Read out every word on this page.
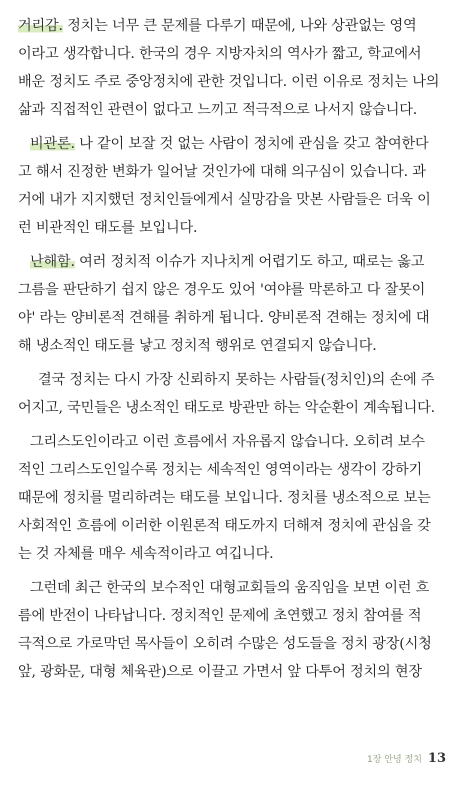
거리감. 정치는 너무 큰 문제를 다루기 때문에, 나와 상관없는 영역
이라고 생각합니다. 한국의 경우 지방자치의 역사가 짧고, 학교에서
배운 정치도 주로 중앙정치에 관한 것입니다. 이런 이유로 정치는 나의
삶과 직접적인 관련이 없다고 느끼고 적극적으로 나서지 않습니다.
비관론. 나 같이 보잘 것 없는 사람이 정치에 관심을 갖고 참여한다
고 해서 진정한 변화가 일어날 것인가에 대해 의구심이 있습니다. 과
거에 내가 지지했던 정치인들에게서 실망감을 맛본 사람들은 더욱 이
런 비관적인 태도를 보입니다.
난해함. 여러 정치적 이슈가 지나치게 어렵기도 하고, 때로는 옳고
그름을 판단하기 쉽지 않은 경우도 있어 '여야를 막론하고 다 잘못이
야' 라는 양비론적 견해를 취하게 됩니다. 양비론적 견해는 정치에 대
해 냉소적인 태도를 낳고 정치적 행위로 연결되지 않습니다.
결국 정치는 다시 가장 신뢰하지 못하는 사람들(정치인)의 손에 주
어지고, 국민들은 냉소적인 태도로 방관만 하는 악순환이 계속됩니다.
그리스도인이라고 이런 흐름에서 자유롭지 않습니다. 오히려 보수
적인 그리스도인일수록 정치는 세속적인 영역이라는 생각이 강하기
때문에 정치를 멀리하려는 태도를 보입니다. 정치를 냉소적으로 보는
사회적인 흐름에 이러한 이원론적 태도까지 더해져 정치에 관심을 갖
는 것 자체를 매우 세속적이라고 여깁니다.
그런데 최근 한국의 보수적인 대형교회들의 움직임을 보면 이런 흐
름에 반전이 나타납니다. 정치적인 문제에 초연했고 정치 참여를 적
극적으로 가로막던 목사들이 오히려 수많은 성도들을 정치 광장(시청
앞, 광화문, 대형 체육관)으로 이끌고 가면서 앞 다투어 정치의 현장
1장 안녕 정치 13
